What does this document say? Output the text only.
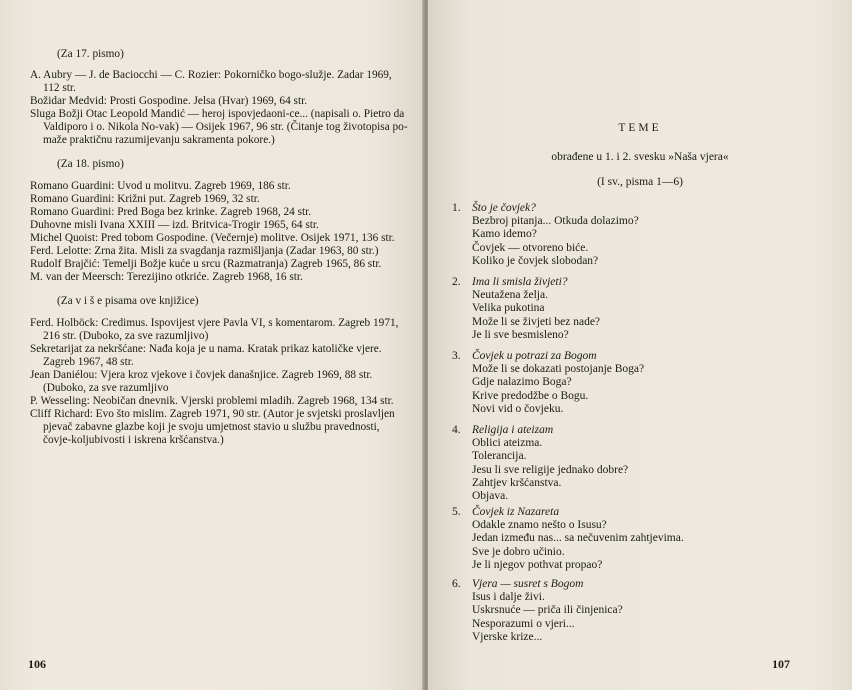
(Za 17. pismo)

A. Aubry — J. de Baciocchi — C. Rozier: Pokorničko bogo-služje. Zadar 1969, 112 str.

Božidar Medvid: Prosti Gospodine. Jelsa (Hvar) 1969, 64 str.

Sluga Božji Otac Leopold Mandić — heroj ispovjedaoni-ce... (napisali o. Pietro da Valdiporo i o. Nikola No-vak) — Osijek 1967, 96 str. (Čitanje tog životopisa po-maže praktičnu razumijevanju sakramenta pokore.)

(Za 18. pismo)

Romano Guardini: Uvod u molitvu. Zagreb 1969, 186 str.

Romano Guardini: Križni put. Zagreb 1969, 32 str.

Romano Guardini: Pred Boga bez krinke. Zagreb 1968, 24 str.

Duhovne misli Ivana XXIII — izd. Britvica-Trogir 1965, 64 str.

Michel Quoist: Pred tobom Gospodine. (Večernje) molitve. Osijek 1971, 136 str.

Ferd. Lelotte: Zrna žita. Misli za svagdanja razmišljanja (Zadar 1963, 80 str.)

Rudolf Brajčić: Temelji Božje kuće u srcu (Razmatranja) Zagreb 1965, 86 str.

M. van der Meersch: Terezijino otkriće. Zagreb 1968, 16 str.

(Za v i š e pisama ove knjižice)

Ferd. Holböck: Credimus. Ispovijest vjere Pavla VI, s komentarom. Zagreb 1971, 216 str. (Duboko, za sve razumljivo)

Sekretarijat za nekršćane: Nađa koja je u nama. Kratak prikaz katoličke vjere. Zagreb 1967, 48 str.

Jean Daniélou: Vjera kroz vjekove i čovjek današnjice. Zagreb 1969, 88 str. (Duboko, za sve razumljivo

P. Wesseling: Neobičan dnevnik. Vjerski problemi mladih. Zagreb 1968, 134 str.

Cliff Richard: Evo što mislim. Zagreb 1971, 90 str. (Autor je svjetski proslavljen pjevač zabavne glazbe koji je svoju umjetnost stavio u službu pravednosti, čovje-koljubivosti i iskrena kršćanstva.)

106
TEME
obrađene u 1. i 2. svesku »Naša vjera«
(I sv., pisma 1—6)
1. Što je čovjek?
Bezbroj pitanja... Otkuda dolazimo?
Kamo idemo?
Čovjek — otvoreno biće.
Koliko je čovjek slobodan?
2. Ima li smisla živjeti?
Neutažena želja.
Velika pukotina
Može li se živjeti bez nade?
Je li sve besmisleno?
3. Čovjek u potrazi za Bogom
Može li se dokazati postojanje Boga?
Gdje nalazimo Boga?
Krive predodžbe o Bogu.
Novi vid o čovjeku.
4. Religija i ateizam
Oblici ateizma.
Tolerancija.
Jesu li sve religije jednako dobre?
Zahtjev kršćanstva.
Objava.
5. Čovjek iz Nazareta
Odakle znamo nešto o Isusu?
Jedan između nas... sa nečuvenim zahtjevima.
Sve je dobro učinio.
Je li njegov pothvat propao?
6. Vjera — susret s Bogom
Isus i dalje živi.
Uskrsnuće — priča ili činjenica?
Nesporazumi o vjeri...
Vjerske krize...
107
